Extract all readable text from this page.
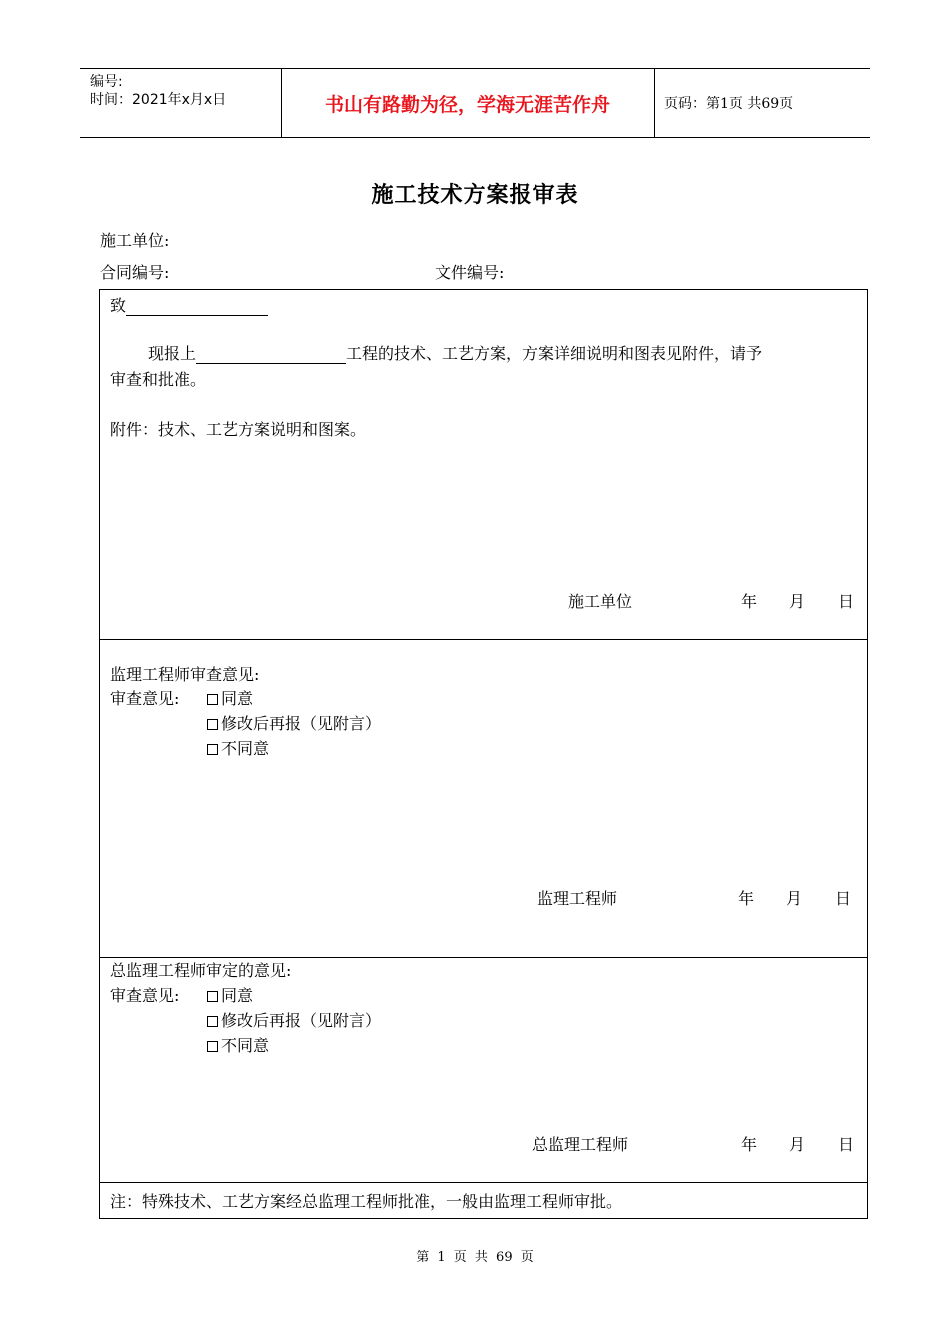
编号:
时间：2021年x月x日	书山有路勤为径，学海无涯苦作舟	页码：第1页 共69页
施工技术方案报审表
施工单位:
合同编号:	文件编号:
致
现报上	工程的技术、工艺方案，方案详细说明和图表见附件，请予
审查和批准。
附件：技术、工艺方案说明和图案。
施工单位	年 月 日
监理工程师审查意见:
审查意见:	同意
修改后再报（见附言）
不同意
监理工程师	年 月 日
总监理工程师审定的意见:
审查意见:	同意
修改后再报（见附言）
不同意
总监理工程师	年 月 日
注：特殊技术、工艺方案经总监理工程师批准，一般由监理工程师审批。
第 1 页 共 69 页
